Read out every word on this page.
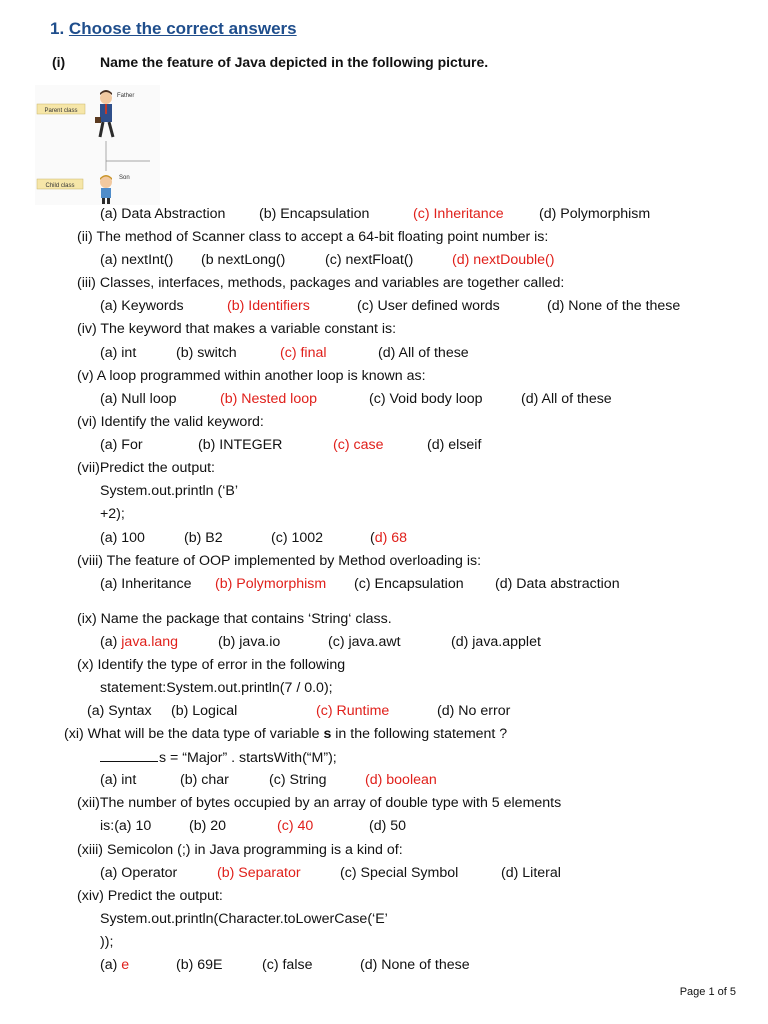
1. Choose the correct answers
(i) Name the feature of Java depicted in the following picture.
Parent class
Child class
Father
Son
(a) Data Abstraction (b) Encapsulation	(c) Inheritance (d) Polymorphism
(ii) The method of Scanner class to accept a 64-bit floating point number is:
(a) nextInt() (b nextLong()	(c) nextFloat()	(d) nextDouble()
(iii) Classes, interfaces, methods, packages and variables are together called:
(a) Keywords	(b) Identifiers	(c) User defined words	(d) None of the these
(iv) The keyword that makes a variable constant is:
(a) int	(b) switch	(c) final	(d) All of these
(v) A loop programmed within another loop is known as:
(a) Null loop	(b) Nested loop	(c) Void body loop	(d) All of these
(vi) Identify the valid keyword:
(a) For	(b) INTEGER	(c) case	(d) elseif
(vii)Predict the output:
System.out.println (‘B’
+2);
(a) 100	(b) B2	(c) 1002	(d) 68
(viii) The feature of OOP implemented by Method overloading is:
(a) Inheritance (b) Polymorphism (c) Encapsulation (d) Data abstraction
(ix) Name the package that contains ‘String‘ class.
(a) java.lang	(b) java.io	(c) java.awt	(d) java.applet
(x) Identify the type of error in the following
statement:System.out.println(7 / 0.0);
(a) Syntax (b) Logical	(c) Runtime	(d) No error
(xi) What will be the data type of variable s in the following statement ?
s = “Major” . startsWith(“M”);
(a) int	(b) char	(c) String	(d) boolean
(xii)The number of bytes occupied by an array of double type with 5 elements
is:(a) 10	(b) 20	(c) 40	(d) 50
(xiii) Semicolon (;) in Java programming is a kind of:
(a) Operator	(b) Separator	(c) Special Symbol	(d) Literal
(xiv) Predict the output:
System.out.println(Character.toLowerCase(‘E’
));
(a) e	(b) 69E	(c) false	(d) None of these
Page 1 of 5
